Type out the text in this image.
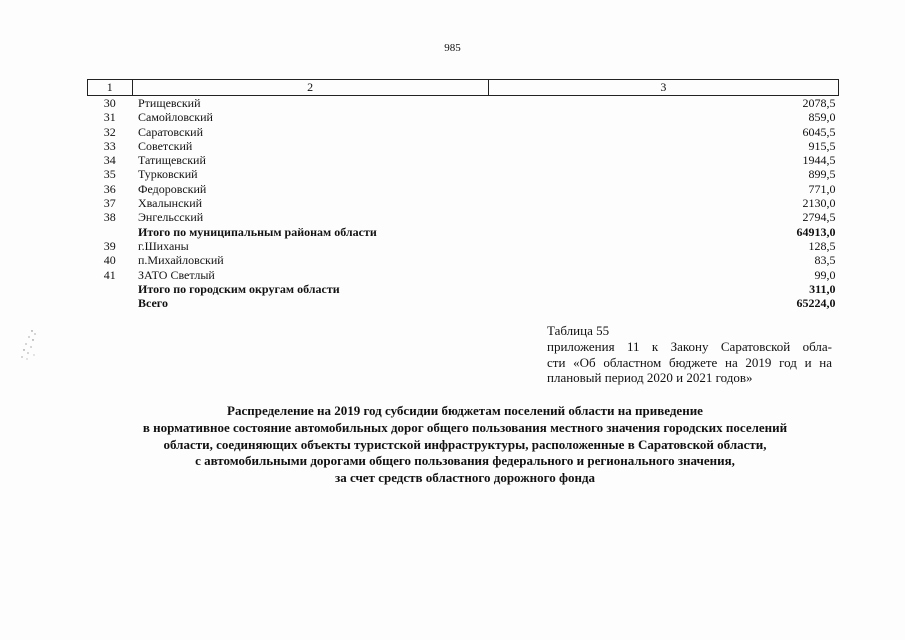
985
1	2	3
30	Ртищевский	2078,5
31	Самойловский	859,0
32	Саратовский	6045,5
33	Советский	915,5
34	Татищевский	1944,5
35	Турковский	899,5
36	Федоровский	771,0
37	Хвалынский	2130,0
38	Энгельсский	2794,5
	Итого по муниципальным районам области	64913,0
39	г.Шиханы	128,5
40	п.Михайловский	83,5
41	ЗАТО Светлый	99,0
	Итого по городским округам области	311,0
	Всего	65224,0
Таблица 55
приложения 11 к Закону Саратовской обла-
сти «Об областном бюджете на 2019 год и на
плановый период 2020 и 2021 годов»
Распределение на 2019 год субсидии бюджетам поселений области на приведение
в нормативное состояние автомобильных дорог общего пользования местного значения городских поселений
области, соединяющих объекты туристской инфраструктуры, расположенные в Саратовской области,
с автомобильными дорогами общего пользования федерального и регионального значения,
за счет средств областного дорожного фонда
